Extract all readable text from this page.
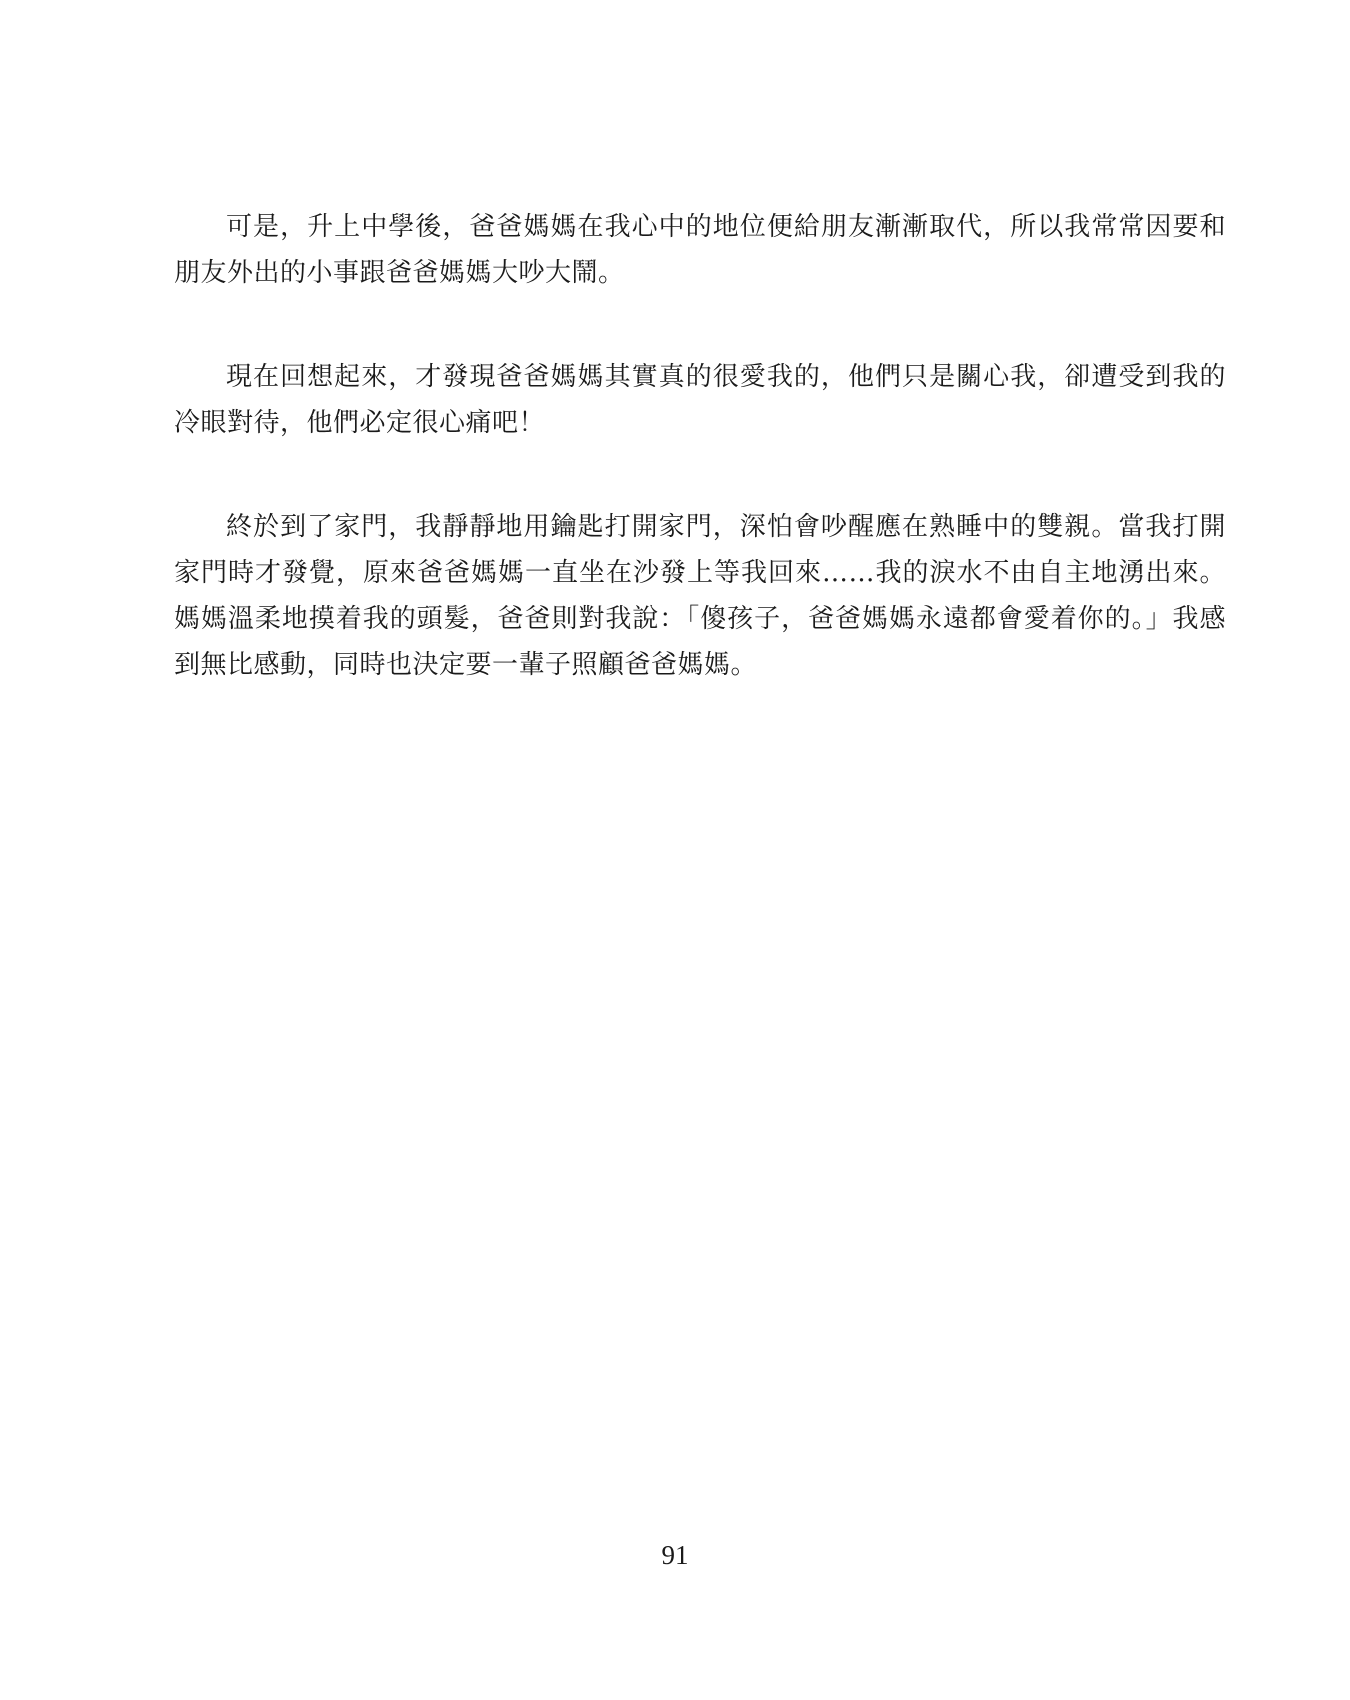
可是，升上中學後，爸爸媽媽在我心中的地位便給朋友漸漸取代，所以我常常因要和朋友外出的小事跟爸爸媽媽大吵大鬧。

現在回想起來，才發現爸爸媽媽其實真的很愛我的，他們只是關心我，卻遭受到我的冷眼對待，他們必定很心痛吧！

終於到了家門，我靜靜地用鑰匙打開家門，深怕會吵醒應在熟睡中的雙親。當我打開家門時才發覺，原來爸爸媽媽一直坐在沙發上等我回來……我的淚水不由自主地湧出來。媽媽溫柔地摸着我的頭髮，爸爸則對我說：「傻孩子，爸爸媽媽永遠都會愛着你的。」我感到無比感動，同時也決定要一輩子照顧爸爸媽媽。

91
